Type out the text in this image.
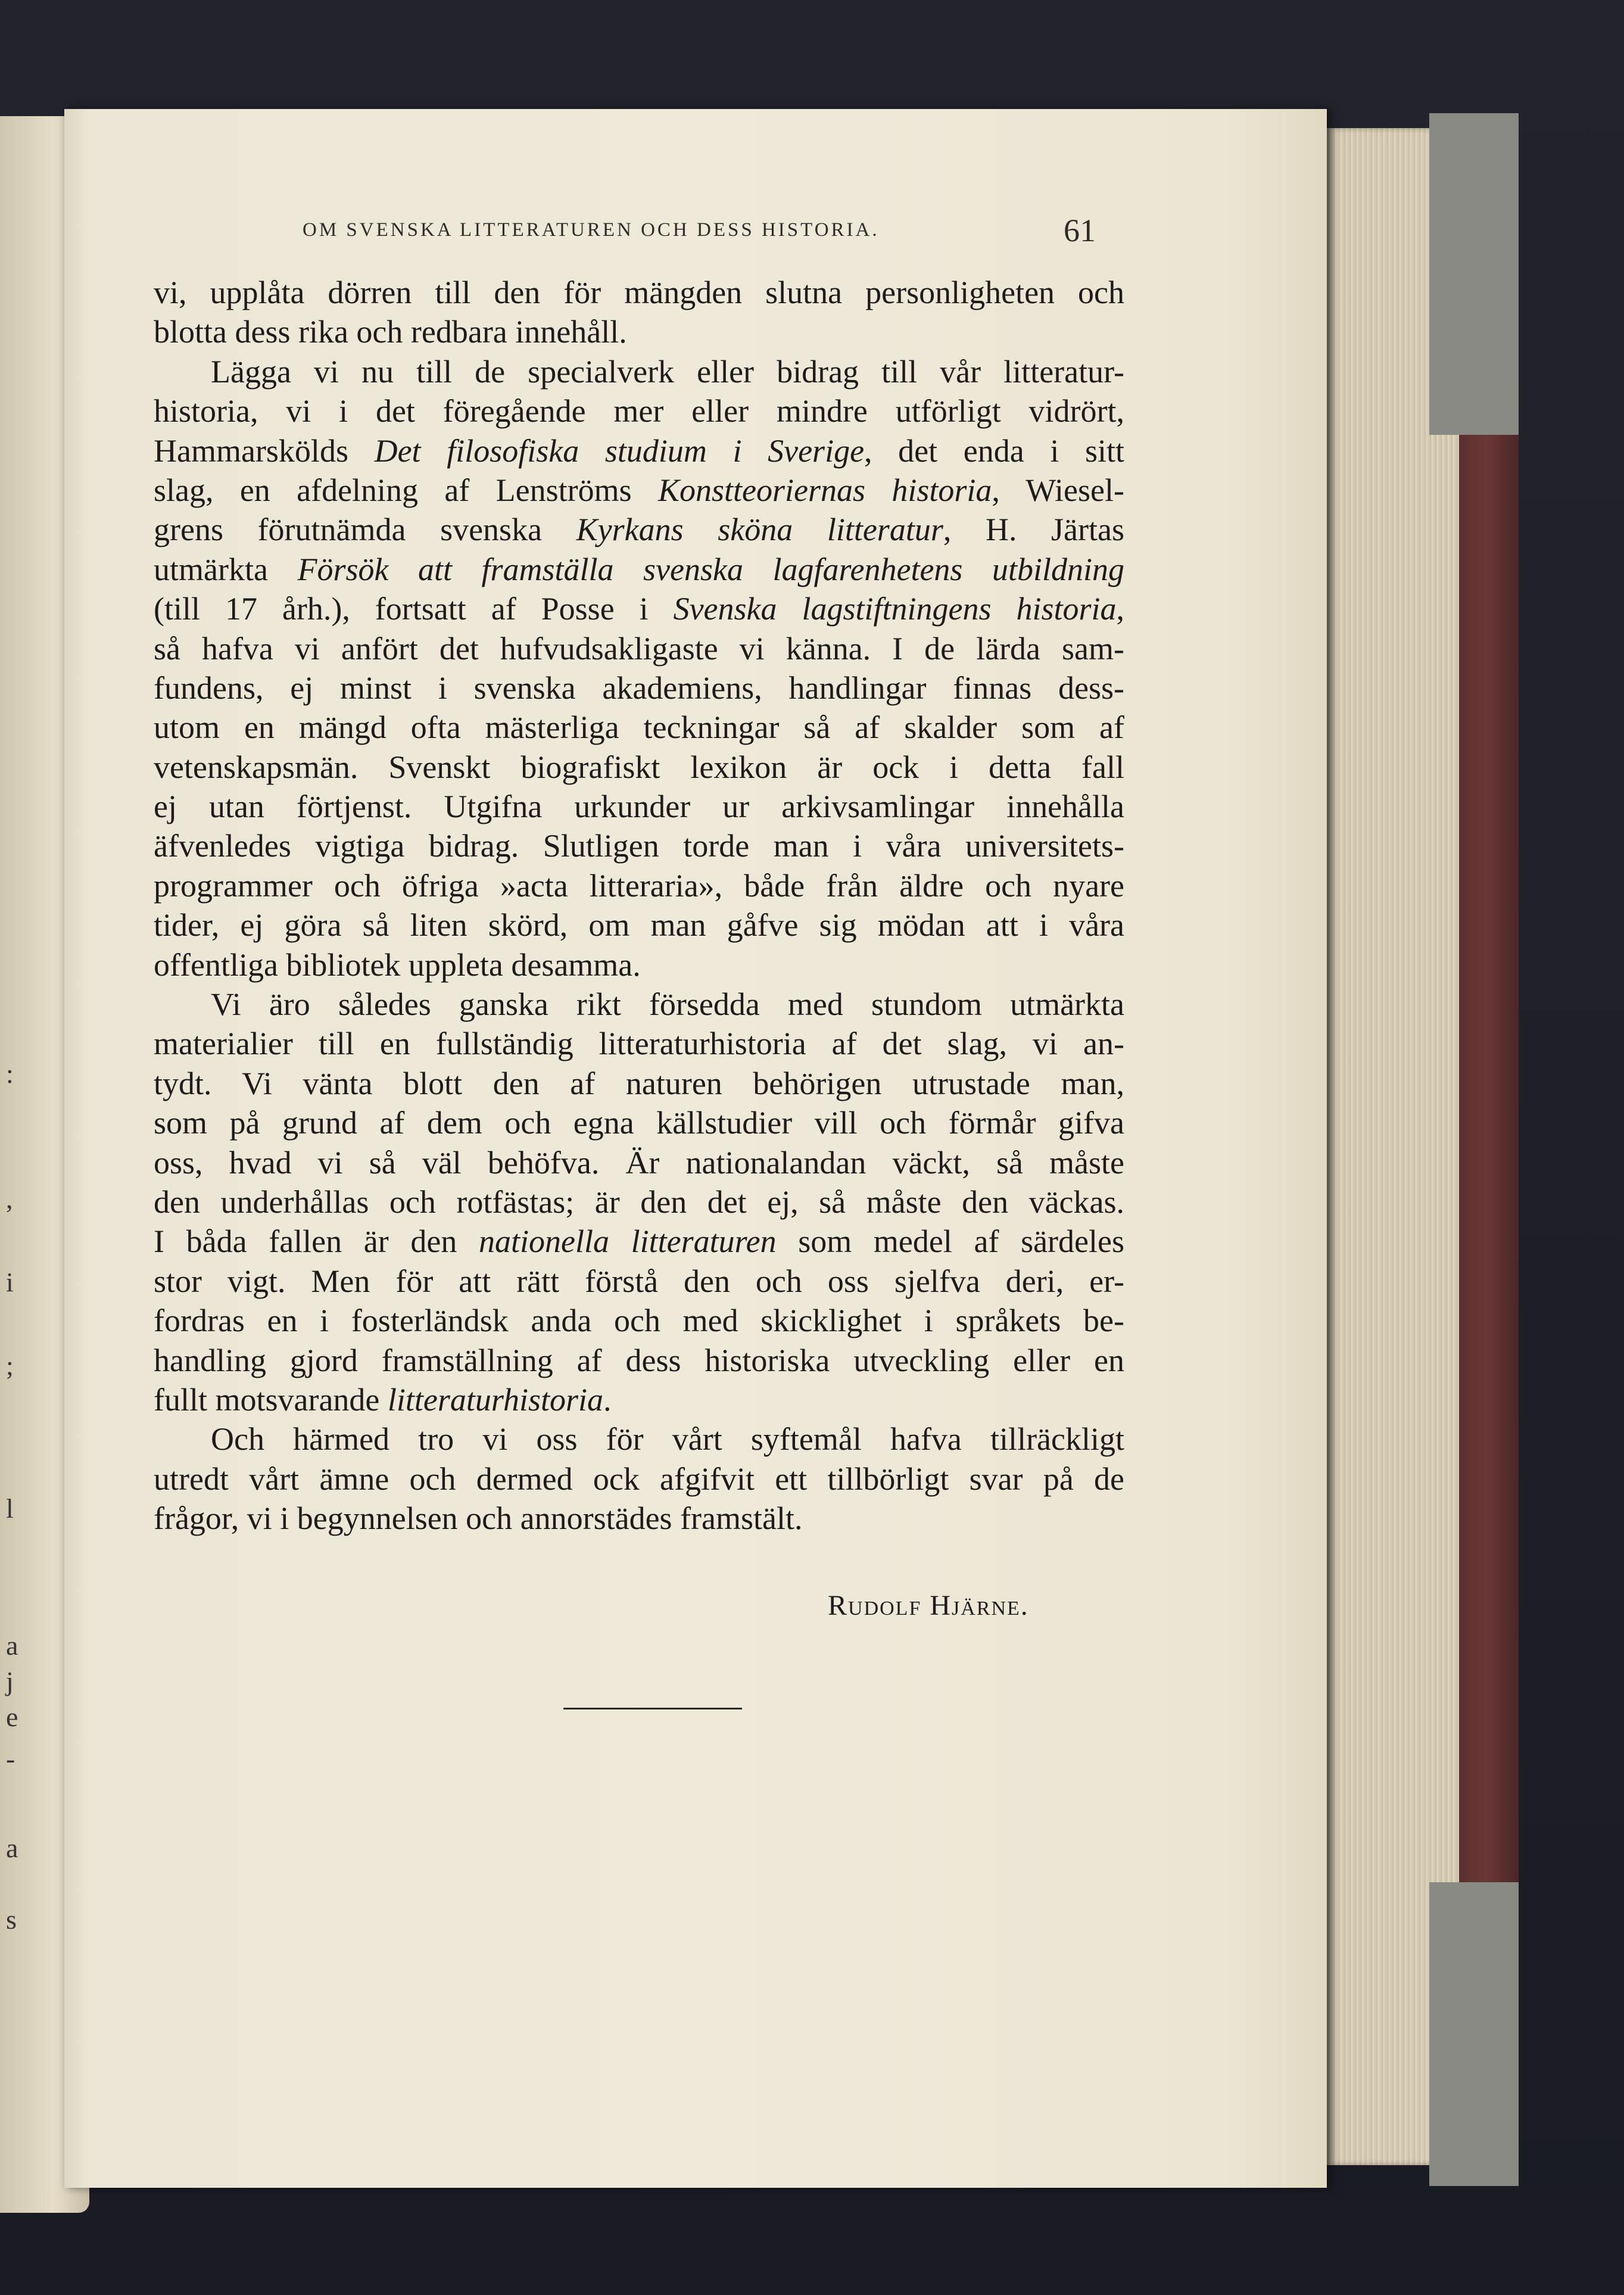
:
,
i
;
l
a
j
e
-
a
s
OM SVENSKA LITTERATUREN OCH DESS HISTORIA.	61
vi, upplåta dörren till den för mängden slutna personligheten och
blotta dess rika och redbara innehåll.
Lägga vi nu till de specialverk eller bidrag till vår litteratur-
historia, vi i det föregående mer eller mindre utförligt vidrört,
Hammarskölds Det filosofiska studium i Sverige, det enda i sitt
slag, en afdelning af Lenströms Konstteoriernas historia, Wiesel-
grens förutnämda svenska Kyrkans sköna litteratur, H. Järtas
utmärkta Försök att framställa svenska lagfarenhetens utbildning
(till 17 årh.), fortsatt af Posse i Svenska lagstiftningens historia,
så hafva vi anfört det hufvudsakligaste vi känna. I de lärda sam-
fundens, ej minst i svenska akademiens, handlingar finnas dess-
utom en mängd ofta mästerliga teckningar så af skalder som af
vetenskapsmän. Svenskt biografiskt lexikon är ock i detta fall
ej utan förtjenst. Utgifna urkunder ur arkivsamlingar innehålla
äfvenledes vigtiga bidrag. Slutligen torde man i våra universitets-
programmer och öfriga »acta litteraria», både från äldre och nyare
tider, ej göra så liten skörd, om man gåfve sig mödan att i våra
offentliga bibliotek uppleta desamma.
Vi äro således ganska rikt försedda med stundom utmärkta
materialier till en fullständig litteraturhistoria af det slag, vi an-
tydt. Vi vänta blott den af naturen behörigen utrustade man,
som på grund af dem och egna källstudier vill och förmår gifva
oss, hvad vi så väl behöfva. Är nationalandan väckt, så måste
den underhållas och rotfästas; är den det ej, så måste den väckas.
I båda fallen är den nationella litteraturen som medel af särdeles
stor vigt. Men för att rätt förstå den och oss sjelfva deri, er-
fordras en i fosterländsk anda och med skicklighet i språkets be-
handling gjord framställning af dess historiska utveckling eller en
fullt motsvarande litteraturhistoria.
Och härmed tro vi oss för vårt syftemål hafva tillräckligt
utredt vårt ämne och dermed ock afgifvit ett tillbörligt svar på de
frågor, vi i begynnelsen och annorstädes framstält.
Rudolf Hjärne.
